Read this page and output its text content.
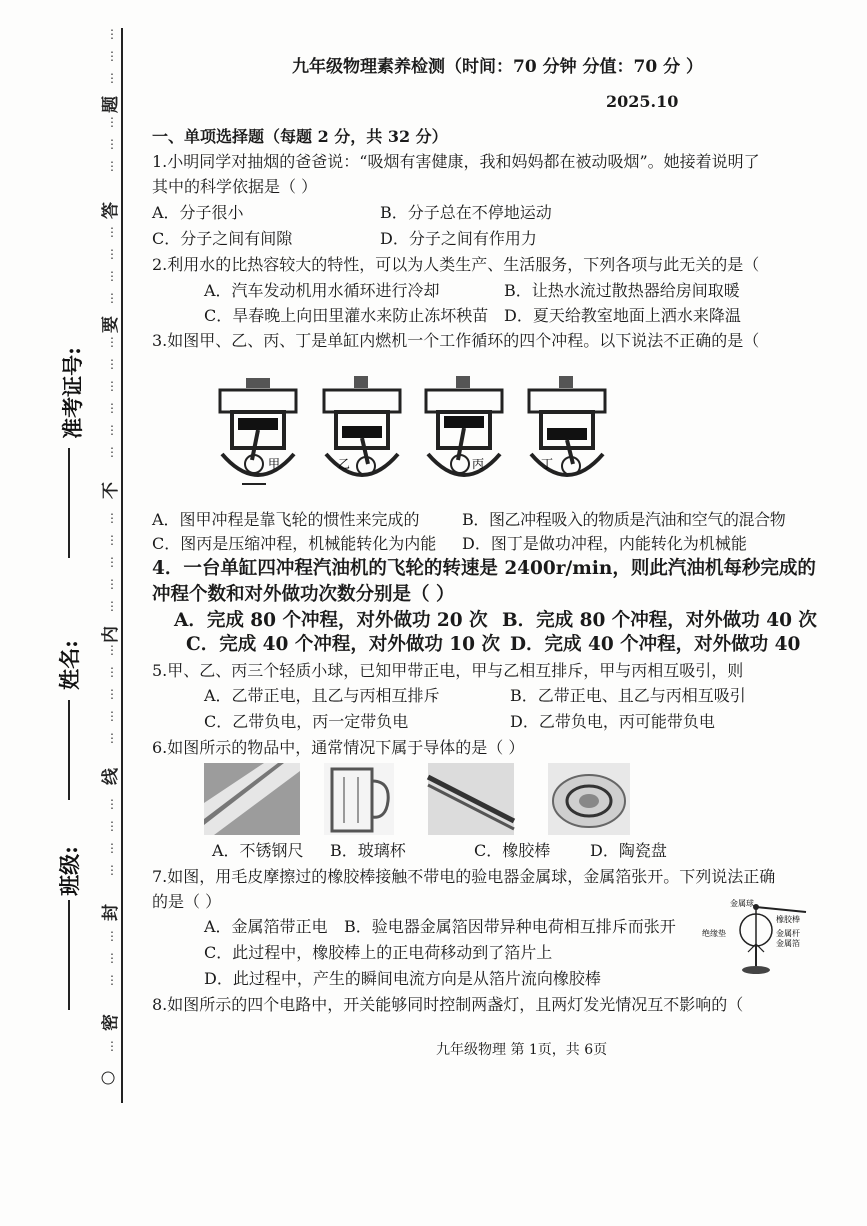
⋮
⋮
⋮
⋮
⋮
⋮
⋮
⋮
⋮
⋮
⋮
⋮
⋮
⋮
⋮
⋮
⋮
⋮
⋮
⋮
⋮
⋮
⋮
⋮
⋮
⋮
⋮
⋮
⋮
⋮
⋮
⋮
⋮
⋮
题
答
要
不
内
线
封
密
○
准考证号:
姓名:
班级:
九年级物理素养检测（时间：70 分钟 分值：70 分 ）
2025.10
一、单项选择题（每题 2 分，共 32 分）
1.小明同学对抽烟的爸爸说：“吸烟有害健康，我和妈妈都在被动吸烟”。她接着说明了
其中的科学依据是（ ）
A．分子很小	B．分子总在不停地运动
C．分子之间有间隙	D．分子之间有作用力
2.利用水的比热容较大的特性，可以为人类生产、生活服务，下列各项与此无关的是（
A．汽车发动机用水循环进行冷却	B．让热水流过散热器给房间取暖
C．旱春晚上向田里灌水来防止冻坏秧苗 D．夏天给教室地面上洒水来降温
3.如图甲、乙、丙、丁是单缸内燃机一个工作循环的四个冲程。以下说法不正确的是（
甲	乙	丙	丁
A．图甲冲程是靠飞轮的惯性来完成的	B．图乙冲程吸入的物质是汽油和空气的混合物
C．图丙是压缩冲程，机械能转化为内能 D．图丁是做功冲程，内能转化为机械能
4．一台单缸四冲程汽油机的飞轮的转速是 2400r/min，则此汽油机每秒完成的
冲程个数和对外做功次数分别是（ ）
A．完成 80 个冲程，对外做功 20 次 B．完成 80 个冲程，对外做功 40 次
C．完成 40 个冲程，对外做功 10 次 D．完成 40 个冲程，对外做功 40
5.甲、乙、丙三个轻质小球，已知甲带正电，甲与乙相互排斥，甲与丙相互吸引，则
A．乙带正电，且乙与丙相互排斥	B．乙带正电、且乙与丙相互吸引
C．乙带负电，丙一定带负电	D．乙带负电，丙可能带负电
6.如图所示的物品中，通常情况下属于导体的是（ ）
A．不锈钢尺 B．玻璃杯	C．橡胶棒 D．陶瓷盘
7.如图，用毛皮摩擦过的橡胶棒接触不带电的验电器金属球，金属箔张开。下列说法正确
的是（ ）
A．金属箔带正电 B．验电器金属箔因带异种电荷相互排斥而张开
C．此过程中，橡胶棒上的正电荷移动到了箔片上
D．此过程中，产生的瞬间电流方向是从箔片流向橡胶棒
金属球
橡胶棒
金属杆
金属箔
绝缘垫
8.如图所示的四个电路中，开关能够同时控制两盏灯，且两灯发光情况互不影响的（
九年级物理 第 1页，共 6页
